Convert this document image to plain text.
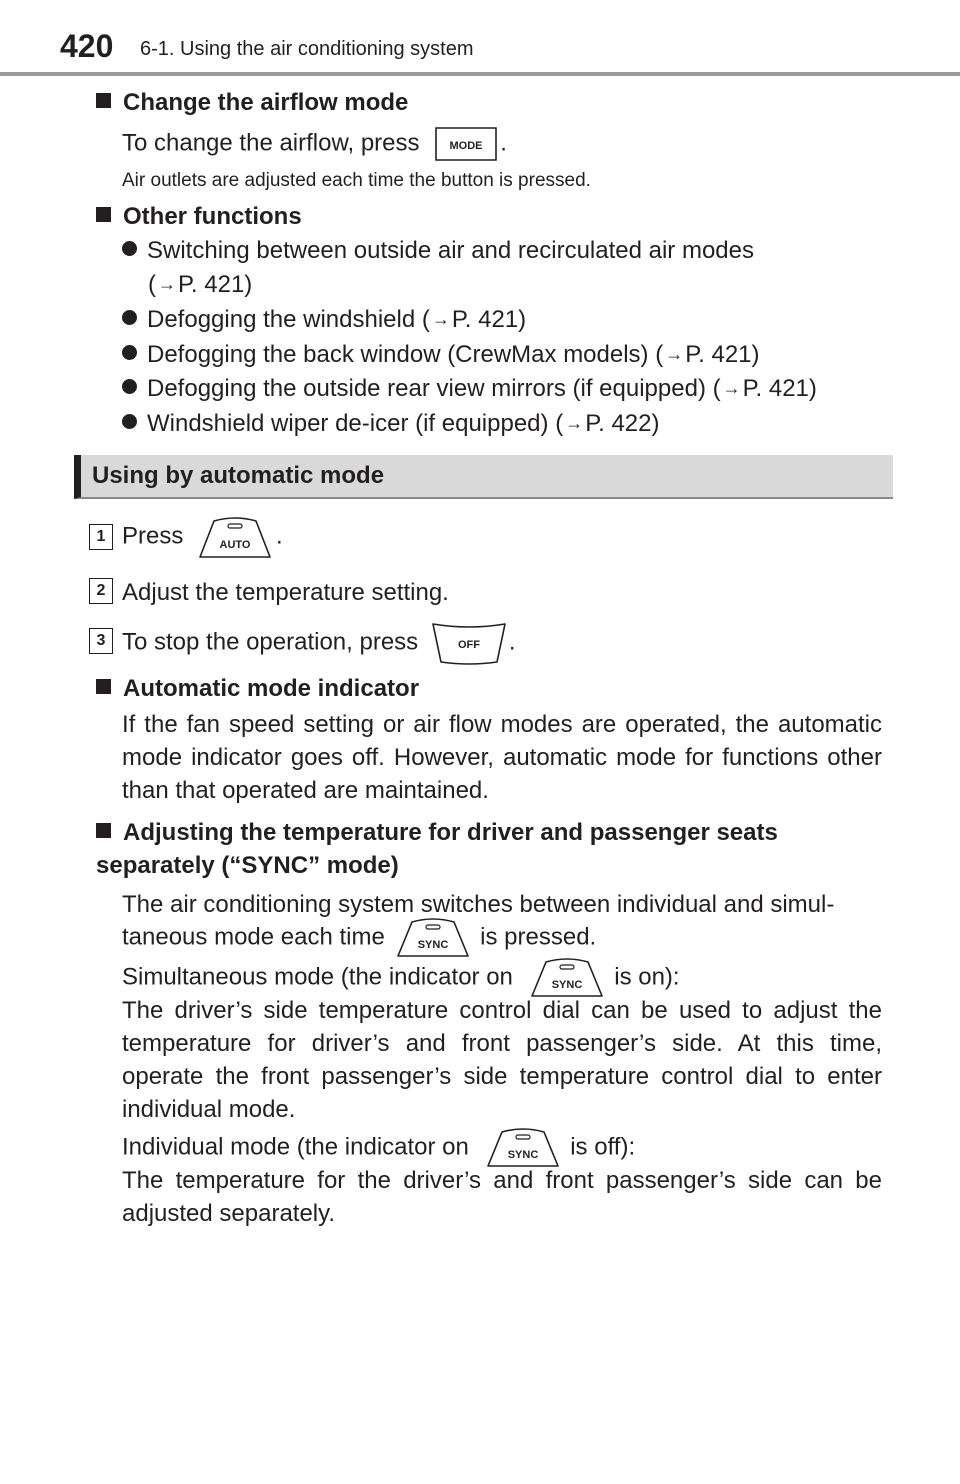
420 6-1. Using the air conditioning system
Change the airflow mode
To change the airflow, press	MODE .
Air outlets are adjusted each time the button is pressed.
Other functions
Switching between outside air and recirculated air modes
( →P. 421)
Defogging the windshield ( →P. 421)
Defogging the back window (CrewMax models) ( →P. 421)
Defogging the outside rear view mirrors (if equipped) ( →P. 421)
Windshield wiper de-icer (if equipped) ( →P. 422)
Using by automatic mode
1 Press	AUTO .
2 Adjust the temperature setting.
3 To stop the operation, press	OFF .
Automatic mode indicator
If the fan speed setting or air flow modes are operated, the automatic mode indicator goes off. However, automatic mode for functions other than that operated are maintained.
Adjusting the temperature for driver and passenger seats separately (“SYNC” mode)
The air conditioning system switches between individual and simul-
taneous mode each time	SYNC is pressed.
Simultaneous mode (the indicator on	SYNC is on):
The driver’s side temperature control dial can be used to adjust the temperature for driver’s and front passenger’s side. At this time, operate the front passenger’s side temperature control dial to enter individual mode.
Individual mode (the indicator on	SYNC is off):
The temperature for the driver’s and front passenger’s side can be adjusted separately.
